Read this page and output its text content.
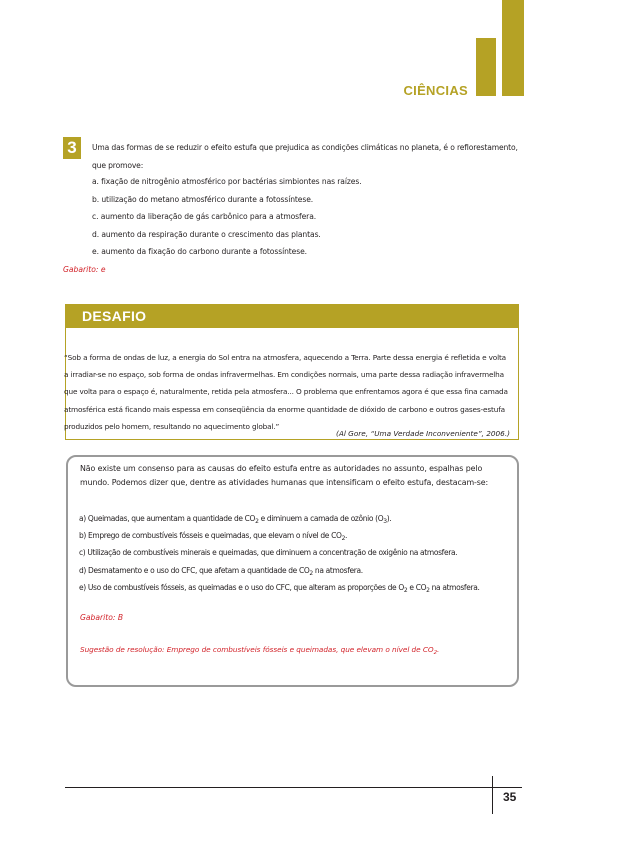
CIÊNCIAS
3	Uma das formas de se reduzir o efeito estufa que prejudica as condições climáticas no planeta, é o reflorestamento, que promove:
a. fixação de nitrogênio atmosférico por bactérias simbiontes nas raízes.
b. utilização do metano atmosférico durante a fotossíntese.
c. aumento da liberação de gás carbônico para a atmosfera.
d. aumento da respiração durante o crescimento das plantas.
e. aumento da fixação do carbono durante a fotossíntese.
Gabarito: e
DESAFIO
“Sob a forma de ondas de luz, a energia do Sol entra na atmosfera, aquecendo a Terra. Parte dessa energia é refletida e volta a irradiar-se no espaço, sob forma de ondas infravermelhas. Em condições normais, uma parte dessa radiação infravermelha que volta para o espaço é, naturalmente, retida pela atmosfera... O problema que enfrentamos agora é que essa fina camada atmosférica está ficando mais espessa em conseqüência da enorme quantidade de dióxido de carbono e outros gases-estufa produzidos pelo homem, resultando no aquecimento global.”
(Al Gore, “Uma Verdade Inconveniente”, 2006.)
Não existe um consenso para as causas do efeito estufa entre as autoridades no assunto, espalhas pelo mundo. Podemos dizer que, dentre as atividades humanas que intensificam o efeito estufa, destacam-se:
a) Queimadas, que aumentam a quantidade de $CO_2$ e diminuem a camada de ozônio $(O_3)$.
b) Emprego de combustíveis fósseis e queimadas, que elevam o nível de $CO_2$.
c) Utilização de combustíveis minerais e queimadas, que diminuem a concentração de oxigênio na atmosfera.
d) Desmatamento e o uso do CFC, que afetam a quantidade de $CO_2$ na atmosfera.
e) Uso de combustíveis fósseis, as queimadas e o uso do CFC, que alteram as proporções de $O_2$ e $CO_2$ na atmosfera.
Gabarito: B
Sugestão de resolução: Emprego de combustíveis fósseis e queimadas, que elevam o nível de $CO_2$.
35
